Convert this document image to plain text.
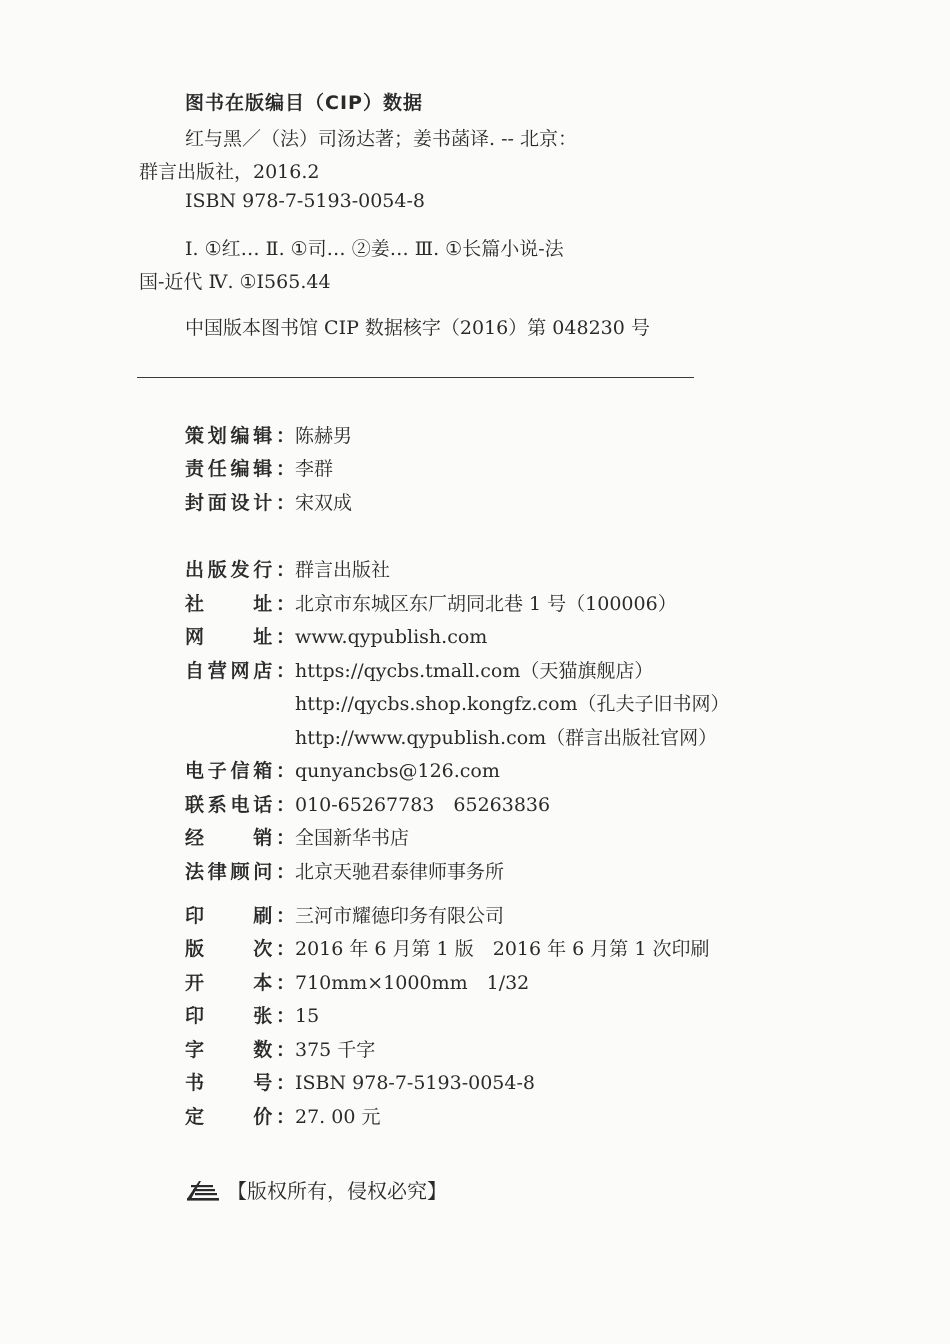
图书在版编目（CIP）数据
红与黑／（法）司汤达著；姜书菡译. -- 北京：
群言出版社，2016.2
ISBN 978-7-5193-0054-8
Ⅰ. ①红… Ⅱ. ①司… ②姜… Ⅲ. ①长篇小说-法
国-近代 Ⅳ. ①I565.44
中国版本图书馆 CIP 数据核字（2016）第 048230 号
策划编辑：陈赫男
责任编辑：李群
封面设计：宋双成
出版发行：群言出版社
社　　址：北京市东城区东厂胡同北巷 1 号（100006）
网　　址：www.qypublish.com
自营网店：https://qycbs.tmall.com（天猫旗舰店）
http://qycbs.shop.kongfz.com（孔夫子旧书网）
http://www.qypublish.com（群言出版社官网）
电子信箱：qunyancbs@126.com
联系电话：010-65267783　65263836
经　　销：全国新华书店
法律顾问：北京天驰君泰律师事务所
印　　刷：三河市耀德印务有限公司
版　　次：2016 年 6 月第 1 版　2016 年 6 月第 1 次印刷
开　　本：710mm×1000mm　1/32
印　　张：15
字　　数：375 千字
书　　号：ISBN 978-7-5193-0054-8
定　　价：27. 00 元
【版权所有，侵权必究】
